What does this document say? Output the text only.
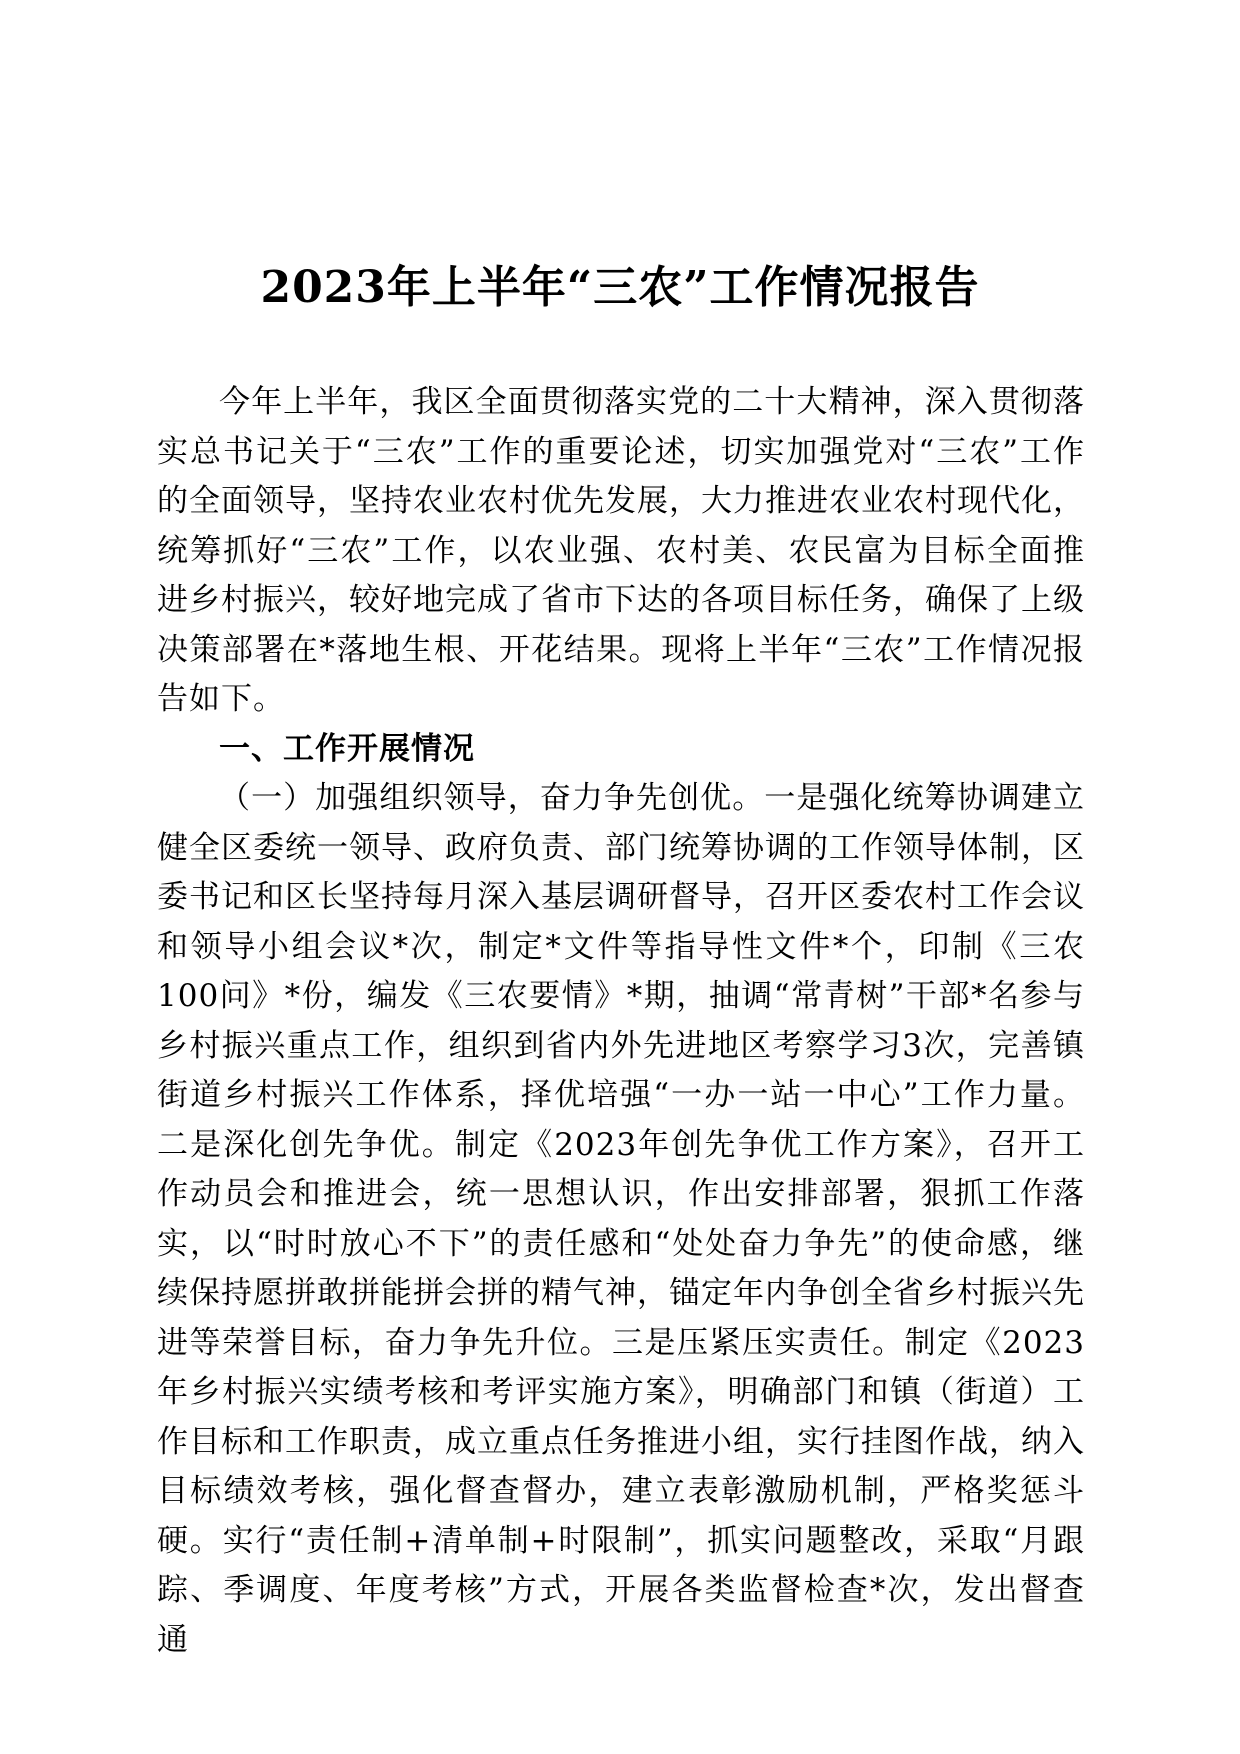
2023年上半年“三农”工作情况报告

今年上半年，我区全面贯彻落实党的二十大精神，深入贯彻落实总书记关于“三农”工作的重要论述，切实加强党对“三农”工作的全面领导，坚持农业农村优先发展，大力推进农业农村现代化，统筹抓好“三农”工作，以农业强、农村美、农民富为目标全面推进乡村振兴，较好地完成了省市下达的各项目标任务，确保了上级决策部署在*落地生根、开花结果。现将上半年“三农”工作情况报告如下。

一、工作开展情况

（一）加强组织领导，奋力争先创优。一是强化统筹协调建立健全区委统一领导、政府负责、部门统筹协调的工作领导体制，区委书记和区长坚持每月深入基层调研督导，召开区委农村工作会议和领导小组会议*次，制定*文件等指导性文件*个，印制《三农100问》*份，编发《三农要情》*期，抽调“常青树”干部*名参与乡村振兴重点工作，组织到省内外先进地区考察学习3次，完善镇街道乡村振兴工作体系，择优培强“一办一站一中心”工作力量。二是深化创先争优。制定《2023年创先争优工作方案》，召开工作动员会和推进会，统一思想认识，作出安排部署，狠抓工作落实，以“时时放心不下”的责任感和“处处奋力争先”的使命感，继续保持愿拼敢拼能拼会拼的精气神，锚定年内争创全省乡村振兴先进等荣誉目标，奋力争先升位。三是压紧压实责任。制定《2023年乡村振兴实绩考核和考评实施方案》，明确部门和镇（街道）工作目标和工作职责，成立重点任务推进小组，实行挂图作战，纳入目标绩效考核，强化督查督办，建立表彰激励机制，严格奖惩斗硬。实行“责任制+清单制+时限制”，抓实问题整改，采取“月跟踪、季调度、年度考核”方式，开展各类监督检查*次，发出督查通
